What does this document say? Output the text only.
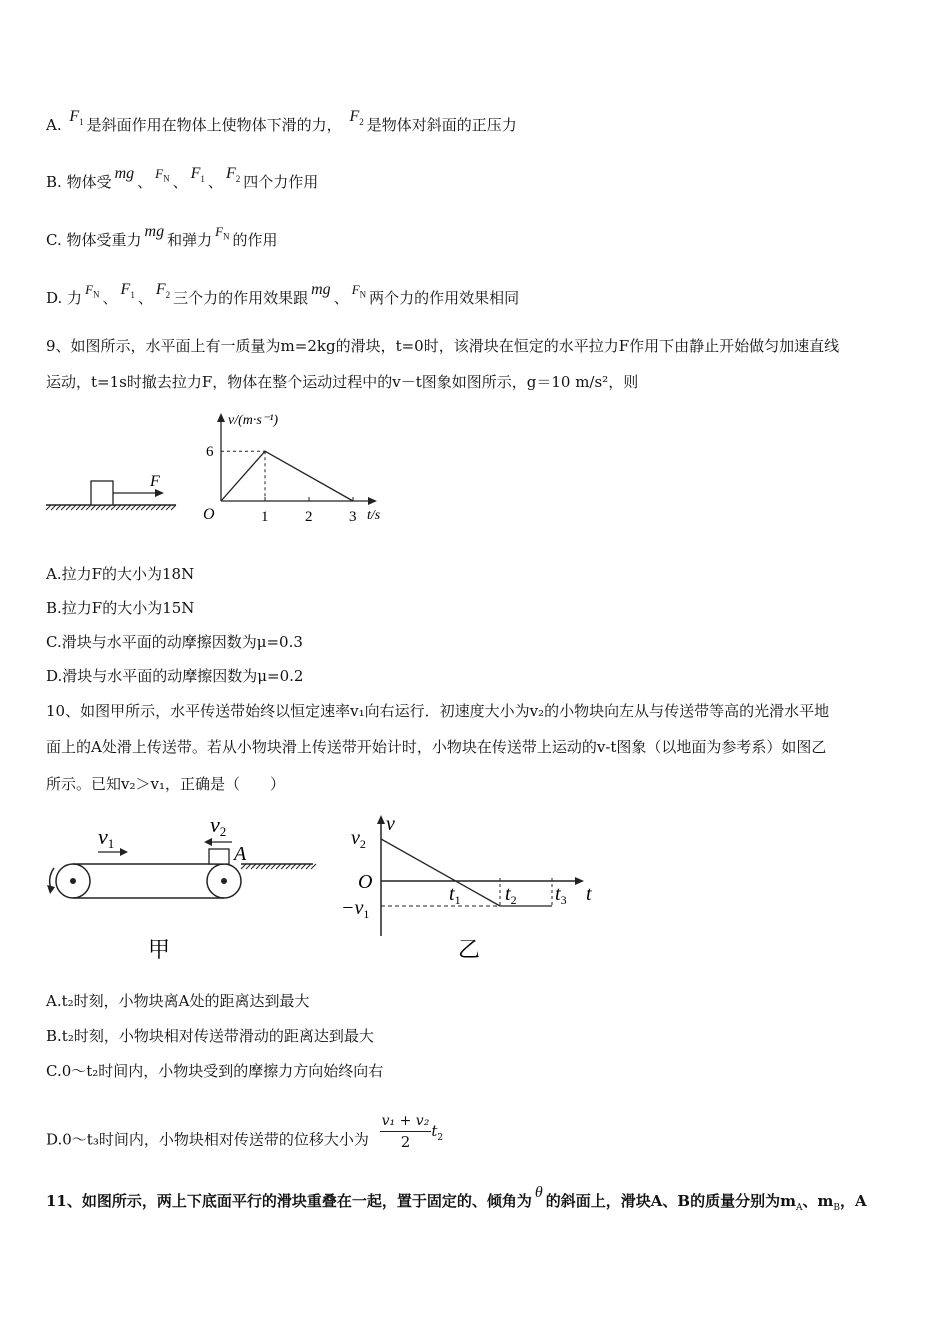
A. $F_1$ 是斜面作用在物体上使物体下滑的力， $F_2$ 是物体对斜面的正压力
B. 物体受 mg 、 $F_N$ 、 $F_1$ 、 $F_2$ 四个力作用
C. 物体受重力 mg 和弹力 $F_N$ 的作用
D. 力 $F_N$ 、 $F_1$ 、 $F_2$ 三个力的作用效果跟 mg 、 $F_N$ 两个力的作用效果相同
9、如图所示，水平面上有一质量为m=2kg的滑块，t=0时，该滑块在恒定的水平拉力F作用下由静止开始做匀加速直线
运动，t=1s时撤去拉力F，物体在整个运动过程中的v－t图象如图所示，g＝10 m/s²，则
F
v/(m·s⁻¹)
t/s
O
6
1 2 3
A.拉力F的大小为18N
B.拉力F的大小为15N
C.滑块与水平面的动摩擦因数为μ=0.3
D.滑块与水平面的动摩擦因数为μ=0.2
10、如图甲所示，水平传送带始终以恒定速率v₁向右运行．初速度大小为v₂的小物块向左从与传送带等高的光滑水平地
面上的A处滑上传送带。若从小物块滑上传送带开始计时，小物块在传送带上运动的v-t图象（以地面为参考系）如图乙
所示。已知v₂＞v₁，正确是（　　）
A
v1
v2
甲
v
t
$v_2$
O
$-v_1$
$t_1$ $t_2$ $t_3$
乙
A.t₂时刻，小物块离A处的距离达到最大
B.t₂时刻，小物块相对传送带滑动的距离达到最大
C.0～t₂时间内，小物块受到的摩擦力方向始终向右
D.0～t₃时间内，小物块相对传送带的位移大小为 $\frac{\text{v₁ + v₂}}{2} t_2$
11、如图所示，两上下底面平行的滑块重叠在一起，置于固定的、倾角为 θ 的斜面上，滑块A、B的质量分别为$m_A$、$m_B$，A
